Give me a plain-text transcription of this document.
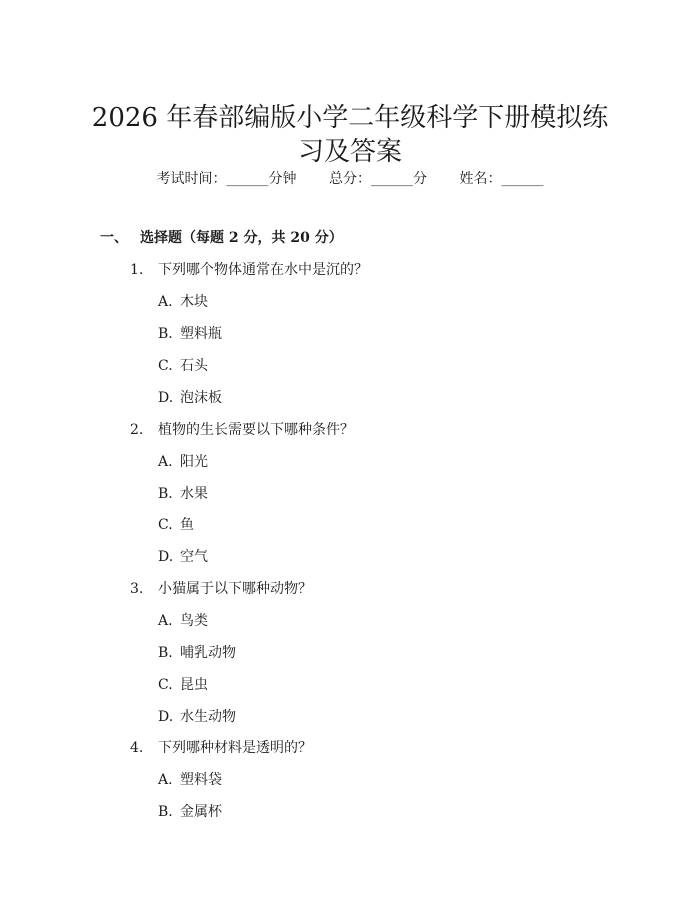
2026 年春部编版小学二年级科学下册模拟练
习及答案
考试时间：______分钟 总分：______分 姓名：______
一、 选择题（每题 2 分，共 20 分）
1. 下列哪个物体通常在水中是沉的？
A. 木块
B. 塑料瓶
C. 石头
D. 泡沫板
2. 植物的生长需要以下哪种条件？
A. 阳光
B. 水果
C. 鱼
D. 空气
3. 小猫属于以下哪种动物？
A. 鸟类
B. 哺乳动物
C. 昆虫
D. 水生动物
4. 下列哪种材料是透明的？
A. 塑料袋
B. 金属杯
